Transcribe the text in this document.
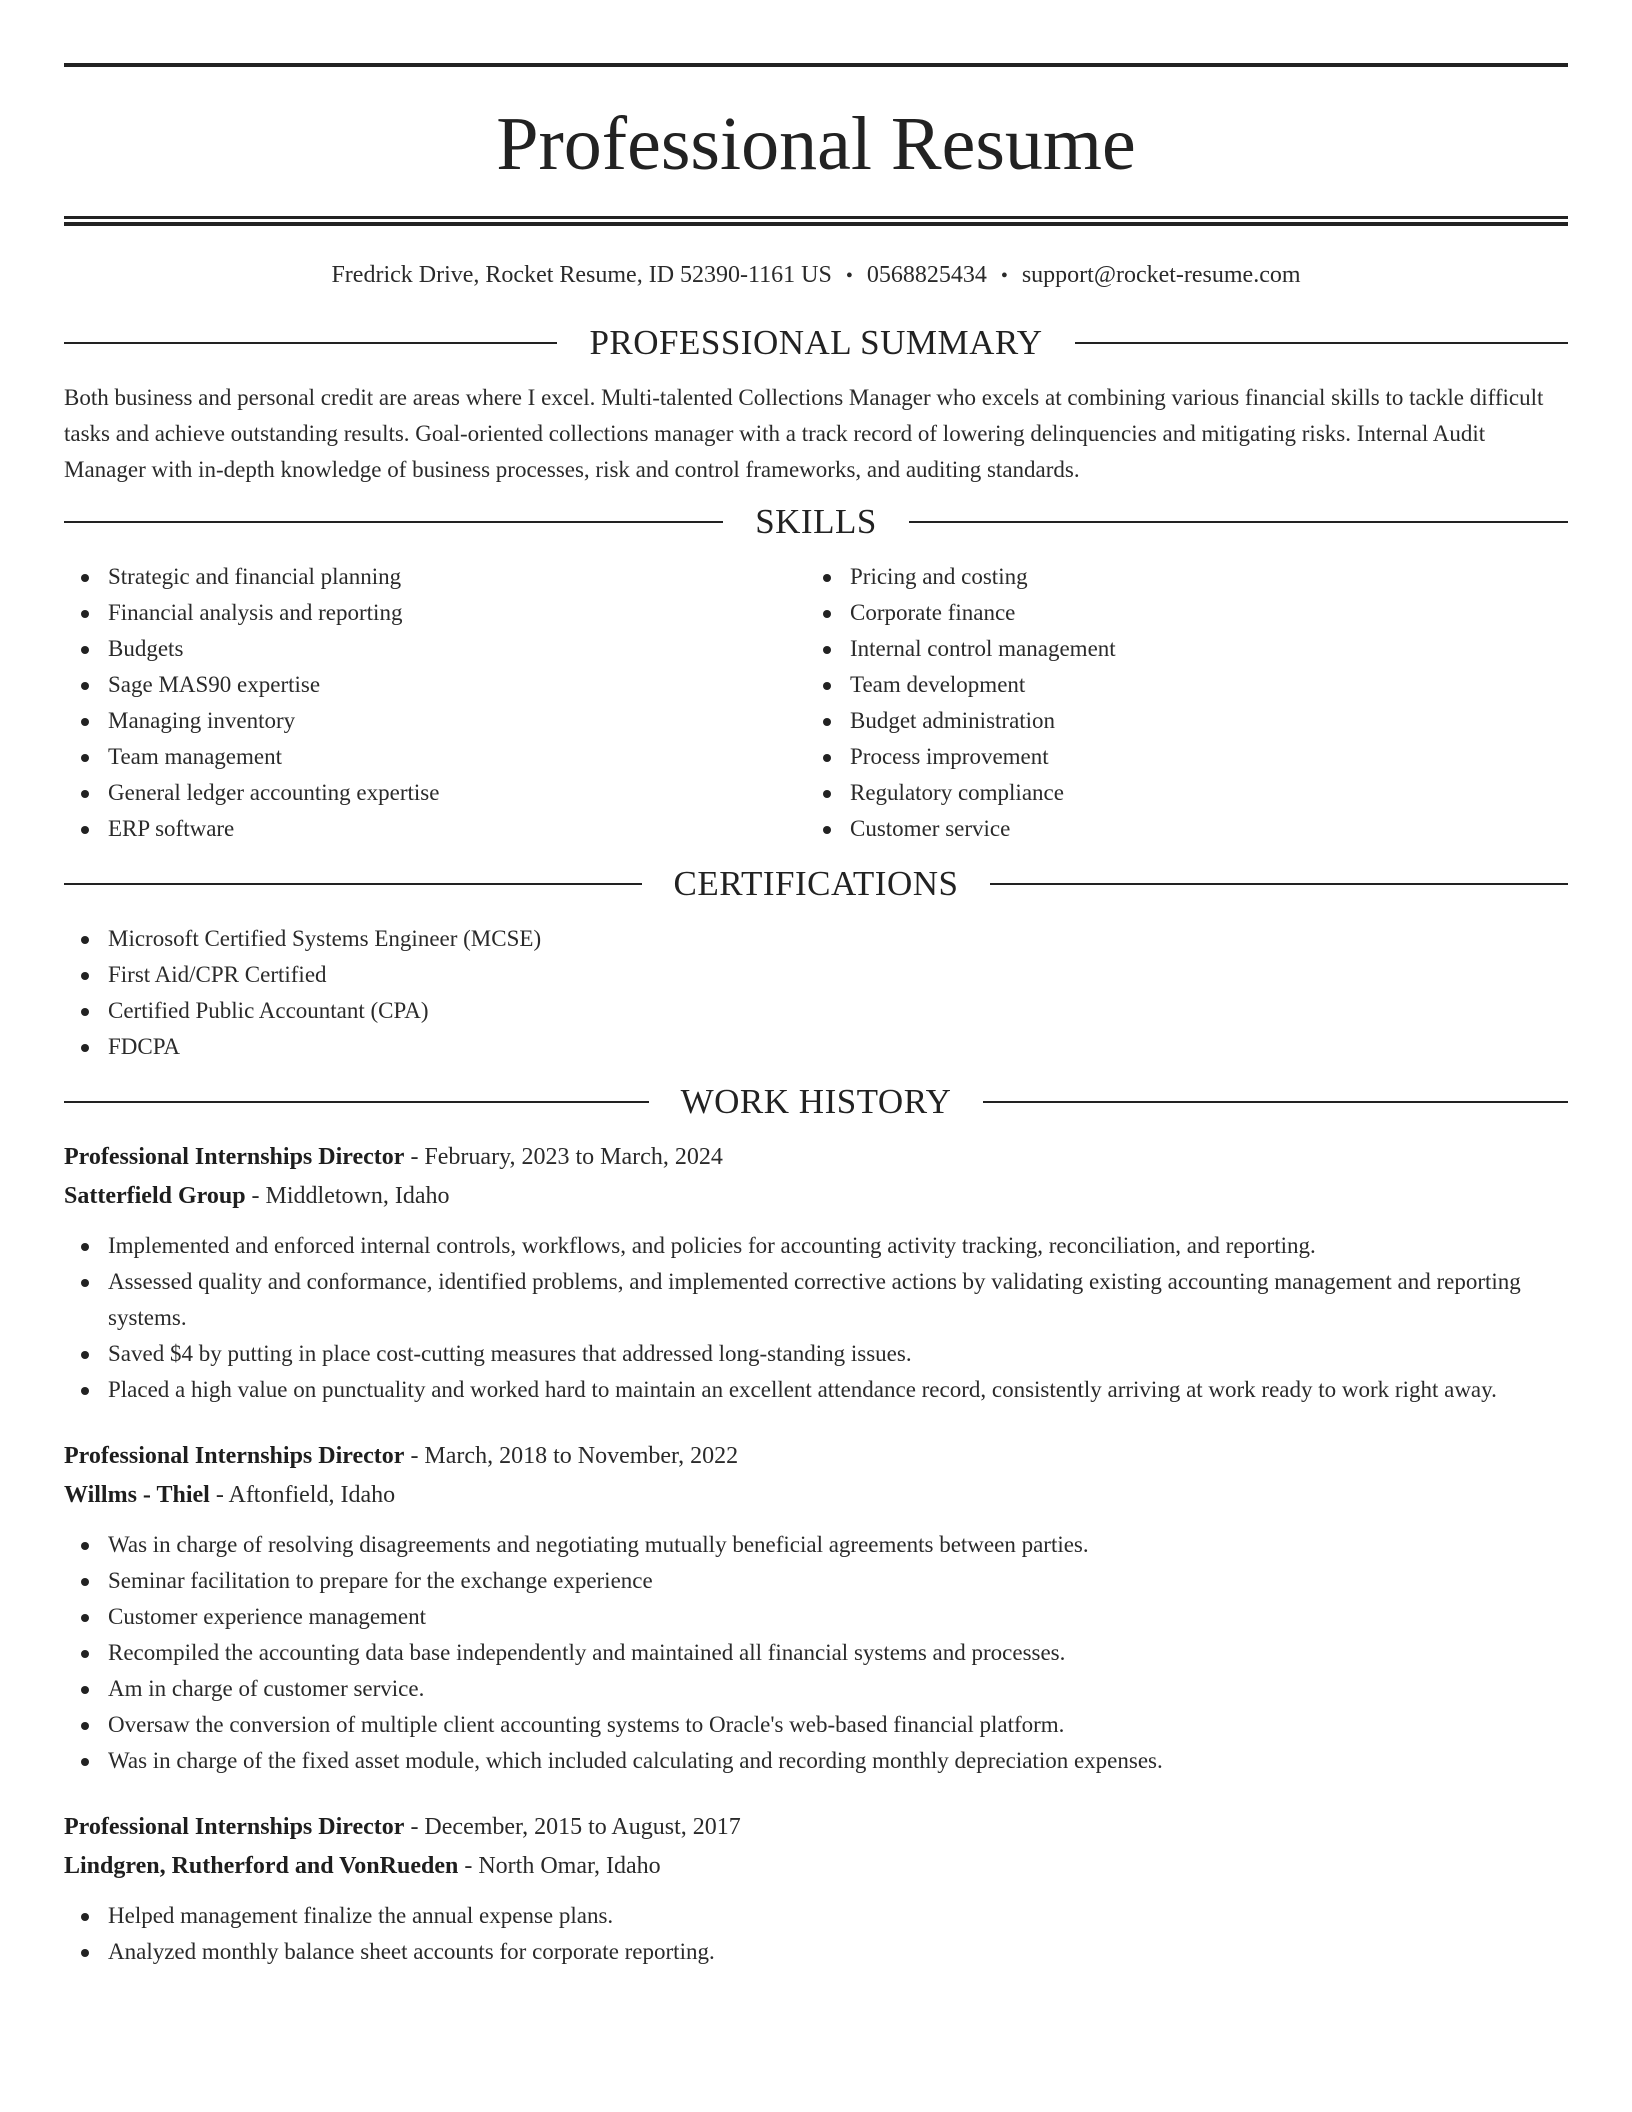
Professional Resume
Fredrick Drive, Rocket Resume, ID 52390-1161 US • 0568825434 • support@rocket-resume.com
PROFESSIONAL SUMMARY
Both business and personal credit are areas where I excel. Multi-talented Collections Manager who excels at combining various financial skills to tackle difficult tasks and achieve outstanding results. Goal-oriented collections manager with a track record of lowering delinquencies and mitigating risks. Internal Audit Manager with in-depth knowledge of business processes, risk and control frameworks, and auditing standards.
SKILLS
Strategic and financial planning
Financial analysis and reporting
Budgets
Sage MAS90 expertise
Managing inventory
Team management
General ledger accounting expertise
ERP software
Pricing and costing
Corporate finance
Internal control management
Team development
Budget administration
Process improvement
Regulatory compliance
Customer service
CERTIFICATIONS
Microsoft Certified Systems Engineer (MCSE)
First Aid/CPR Certified
Certified Public Accountant (CPA)
FDCPA
WORK HISTORY
Professional Internships Director - February, 2023 to March, 2024
Satterfield Group - Middletown, Idaho
Implemented and enforced internal controls, workflows, and policies for accounting activity tracking, reconciliation, and reporting.
Assessed quality and conformance, identified problems, and implemented corrective actions by validating existing accounting management and reporting systems.
Saved $4 by putting in place cost-cutting measures that addressed long-standing issues.
Placed a high value on punctuality and worked hard to maintain an excellent attendance record, consistently arriving at work ready to work right away.
Professional Internships Director - March, 2018 to November, 2022
Willms - Thiel - Aftonfield, Idaho
Was in charge of resolving disagreements and negotiating mutually beneficial agreements between parties.
Seminar facilitation to prepare for the exchange experience
Customer experience management
Recompiled the accounting data base independently and maintained all financial systems and processes.
Am in charge of customer service.
Oversaw the conversion of multiple client accounting systems to Oracle's web-based financial platform.
Was in charge of the fixed asset module, which included calculating and recording monthly depreciation expenses.
Professional Internships Director - December, 2015 to August, 2017
Lindgren, Rutherford and VonRueden - North Omar, Idaho
Helped management finalize the annual expense plans.
Analyzed monthly balance sheet accounts for corporate reporting.
